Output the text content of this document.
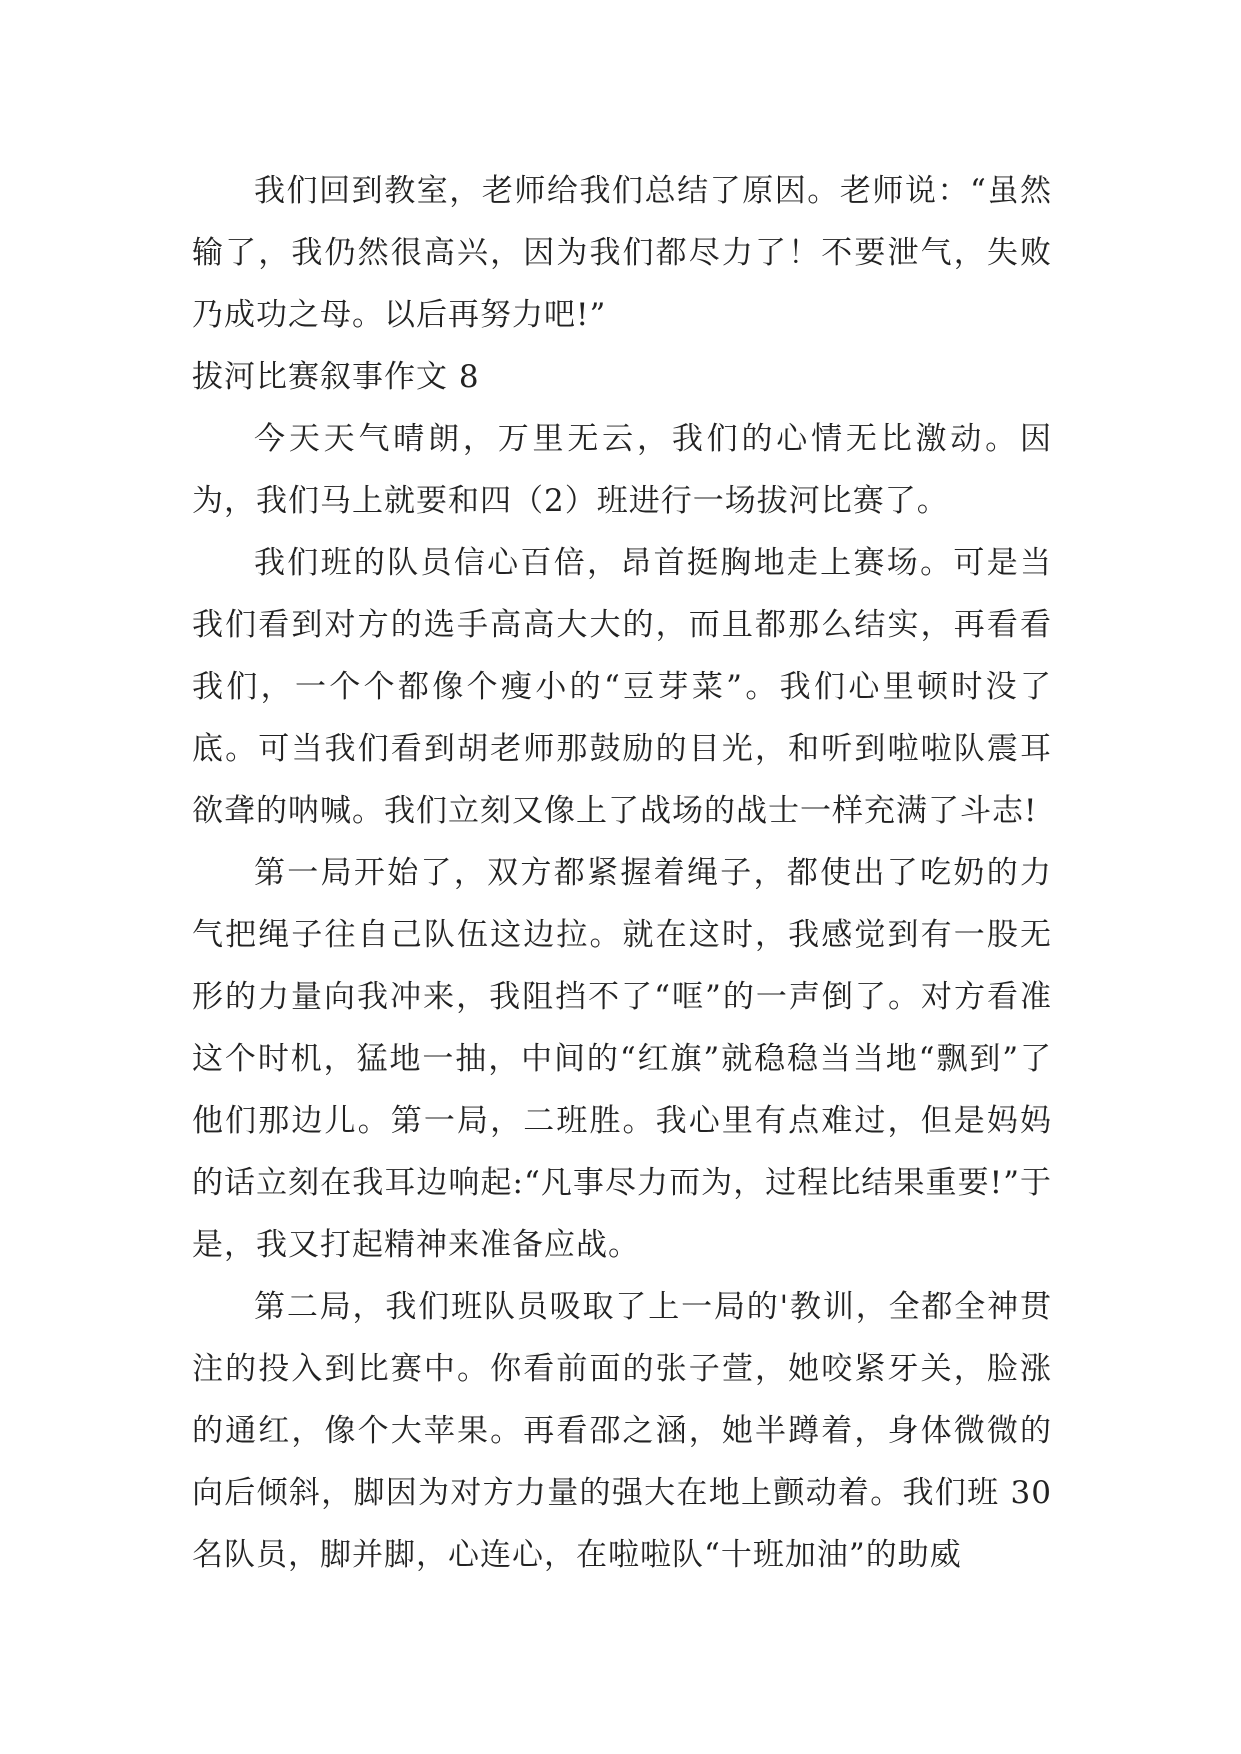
我们回到教室，老师给我们总结了原因。老师说：“虽然输了，我仍然很高兴，因为我们都尽力了！不要泄气，失败乃成功之母。以后再努力吧!”

拔河比赛叙事作文 8

今天天气晴朗，万里无云，我们的心情无比激动。因为，我们马上就要和四（2）班进行一场拔河比赛了。

我们班的队员信心百倍，昂首挺胸地走上赛场。可是当我们看到对方的选手高高大大的，而且都那么结实，再看看我们，一个个都像个瘦小的“豆芽菜”。我们心里顿时没了底。可当我们看到胡老师那鼓励的目光，和听到啦啦队震耳欲聋的呐喊。我们立刻又像上了战场的战士一样充满了斗志!

第一局开始了，双方都紧握着绳子，都使出了吃奶的力气把绳子往自己队伍这边拉。就在这时，我感觉到有一股无形的力量向我冲来，我阻挡不了“哐”的一声倒了。对方看准这个时机，猛地一抽，中间的“红旗”就稳稳当当地“飘到”了他们那边儿。第一局，二班胜。我心里有点难过，但是妈妈的话立刻在我耳边响起:“凡事尽力而为，过程比结果重要!”于是，我又打起精神来准备应战。

第二局，我们班队员吸取了上一局的'教训，全都全神贯注的投入到比赛中。你看前面的张子萱，她咬紧牙关，脸涨的通红，像个大苹果。再看邵之涵，她半蹲着，身体微微的向后倾斜，脚因为对方力量的强大在地上颤动着。我们班 30 名队员，脚并脚，心连心，在啦啦队“十班加油”的助威
